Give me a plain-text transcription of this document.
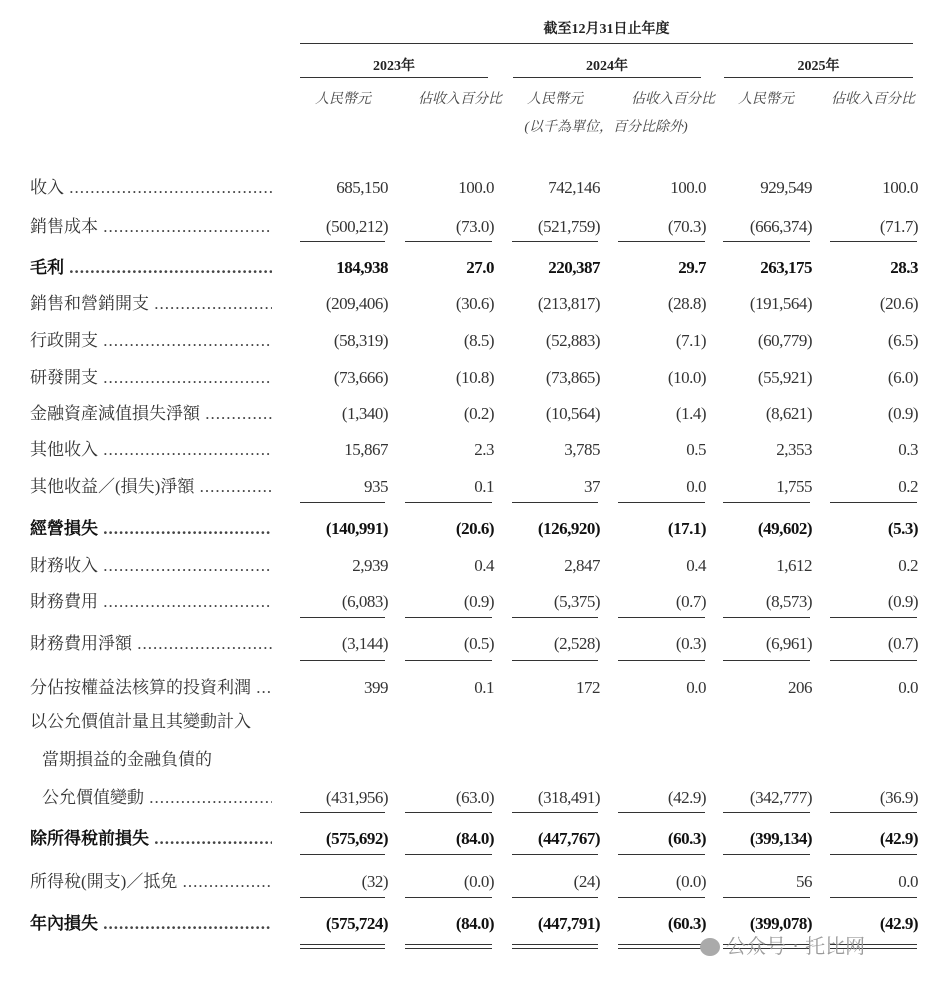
截至12月31日止年度
2023年	2024年	2025年
人民幣元	佔收入百分比	人民幣元	佔收入百分比	人民幣元	佔收入百分比
(以千為單位，百分比除外)
收入 .....	685,150	100.0	742,146	100.0	929,549	100.0
銷售成本 .....	(500,212)	(73.0)	(521,759)	(70.3)	(666,374)	(71.7)
毛利 .....	184,938	27.0	220,387	29.7	263,175	28.3
銷售和營銷開支 .....	(209,406)	(30.6)	(213,817)	(28.8)	(191,564)	(20.6)
行政開支 .....	(58,319)	(8.5)	(52,883)	(7.1)	(60,779)	(6.5)
研發開支 .....	(73,666)	(10.8)	(73,865)	(10.0)	(55,921)	(6.0)
金融資產減值損失淨額 .....	(1,340)	(0.2)	(10,564)	(1.4)	(8,621)	(0.9)
其他收入 .....	15,867	2.3	3,785	0.5	2,353	0.3
其他收益／(損失)淨額 .....	935	0.1	37	0.0	1,755	0.2
經營損失 .....	(140,991)	(20.6)	(126,920)	(17.1)	(49,602)	(5.3)
財務收入 .....	2,939	0.4	2,847	0.4	1,612	0.2
財務費用 .....	(6,083)	(0.9)	(5,375)	(0.7)	(8,573)	(0.9)
財務費用淨額 .....	(3,144)	(0.5)	(2,528)	(0.3)	(6,961)	(0.7)
分佔按權益法核算的投資利潤 .....	399	0.1	172	0.0	206	0.0
以公允價值計量且其變動計入
當期損益的金融負債的
公允價值變動 .....	(431,956)	(63.0)	(318,491)	(42.9)	(342,777)	(36.9)
除所得稅前損失 .....	(575,692)	(84.0)	(447,767)	(60.3)	(399,134)	(42.9)
所得稅(開支)／抵免 .....	(32)	(0.0)	(24)	(0.0)	56	0.0
年內損失 .....	(575,724)	(84.0)	(447,791)	(60.3)	(399,078)	(42.9)
公众号 · 托比网
